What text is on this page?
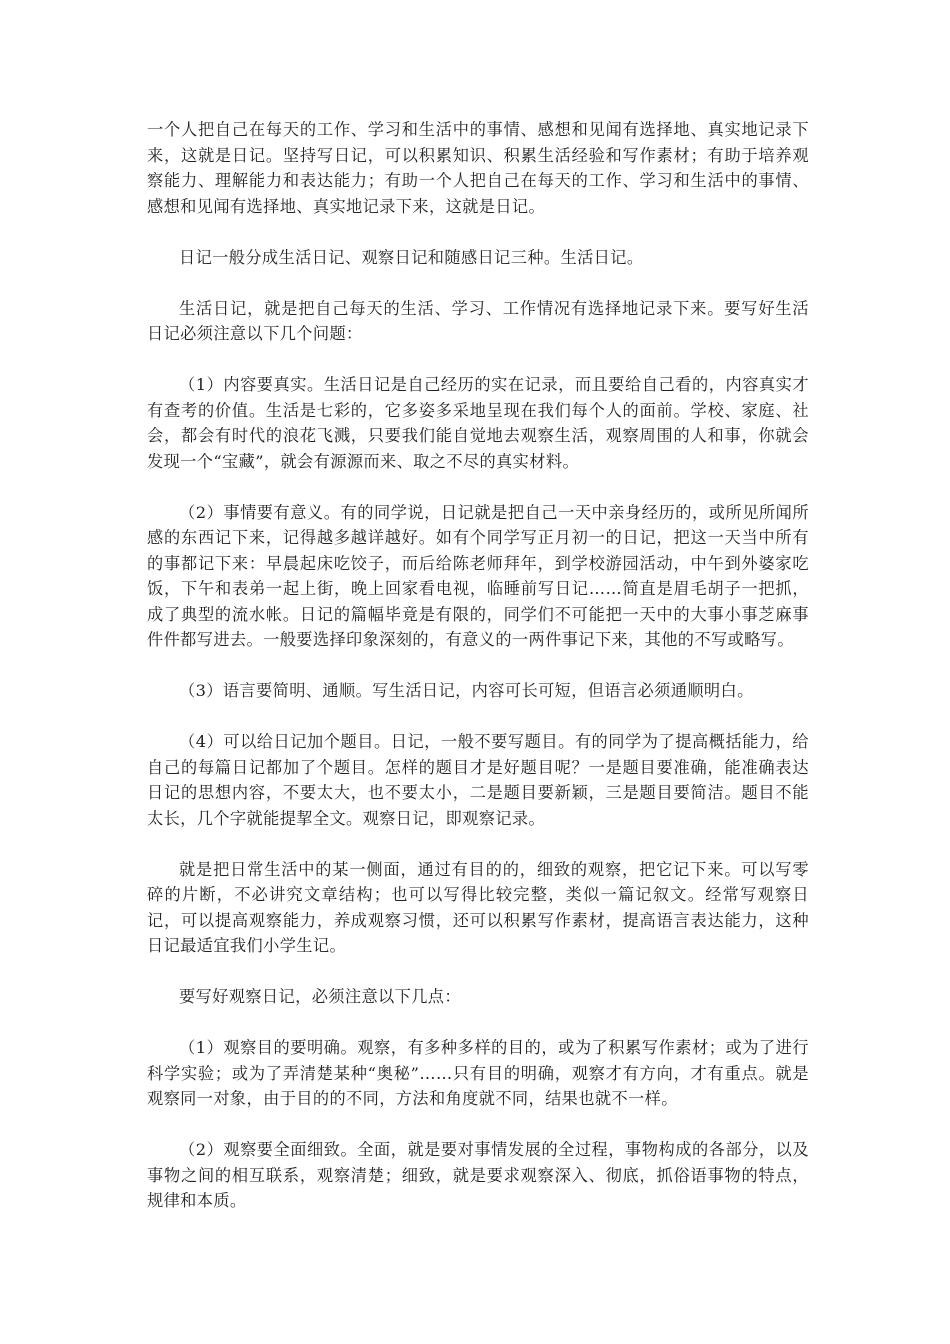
一个人把自己在每天的工作、学习和生活中的事情、感想和见闻有选择地、真实地记录下来，这就是日记。坚持写日记，可以积累知识、积累生活经验和写作素材；有助于培养观察能力、理解能力和表达能力；有助一个人把自己在每天的工作、学习和生活中的事情、感想和见闻有选择地、真实地记录下来，这就是日记。

日记一般分成生活日记、观察日记和随感日记三种。生活日记。

生活日记，就是把自己每天的生活、学习、工作情况有选择地记录下来。要写好生活日记必须注意以下几个问题：

（1）内容要真实。生活日记是自己经历的实在记录，而且要给自己看的，内容真实才有查考的价值。生活是七彩的，它多姿多采地呈现在我们每个人的面前。学校、家庭、社会，都会有时代的浪花飞溅，只要我们能自觉地去观察生活，观察周围的人和事，你就会发现一个“宝藏”，就会有源源而来、取之不尽的真实材料。

（2）事情要有意义。有的同学说，日记就是把自己一天中亲身经历的，或所见所闻所感的东西记下来，记得越多越详越好。如有个同学写正月初一的日记，把这一天当中所有的事都记下来：早晨起床吃饺子，而后给陈老师拜年，到学校游园活动，中午到外婆家吃饭，下午和表弟一起上街，晚上回家看电视，临睡前写日记……简直是眉毛胡子一把抓，成了典型的流水帐。日记的篇幅毕竟是有限的，同学们不可能把一天中的大事小事芝麻事件件都写进去。一般要选择印象深刻的，有意义的一两件事记下来，其他的不写或略写。

（3）语言要简明、通顺。写生活日记，内容可长可短，但语言必须通顺明白。

（4）可以给日记加个题目。日记，一般不要写题目。有的同学为了提高概括能力，给自己的每篇日记都加了个题目。怎样的题目才是好题目呢？一是题目要准确，能准确表达日记的思想内容，不要太大，也不要太小，二是题目要新颖，三是题目要简洁。题目不能太长，几个字就能提挈全文。观察日记，即观察记录。

就是把日常生活中的某一侧面，通过有目的的，细致的观察，把它记下来。可以写零碎的片断，不必讲究文章结构；也可以写得比较完整，类似一篇记叙文。经常写观察日记，可以提高观察能力，养成观察习惯，还可以积累写作素材，提高语言表达能力，这种日记最适宜我们小学生记。

要写好观察日记，必须注意以下几点：

（1）观察目的要明确。观察，有多种多样的目的，或为了积累写作素材；或为了进行科学实验；或为了弄清楚某种“奥秘”……只有目的明确，观察才有方向，才有重点。就是观察同一对象，由于目的的不同，方法和角度就不同，结果也就不一样。

（2）观察要全面细致。全面，就是要对事情发展的全过程，事物构成的各部分，以及事物之间的相互联系，观察清楚；细致，就是要求观察深入、彻底，抓俗语事物的特点，规律和本质。
